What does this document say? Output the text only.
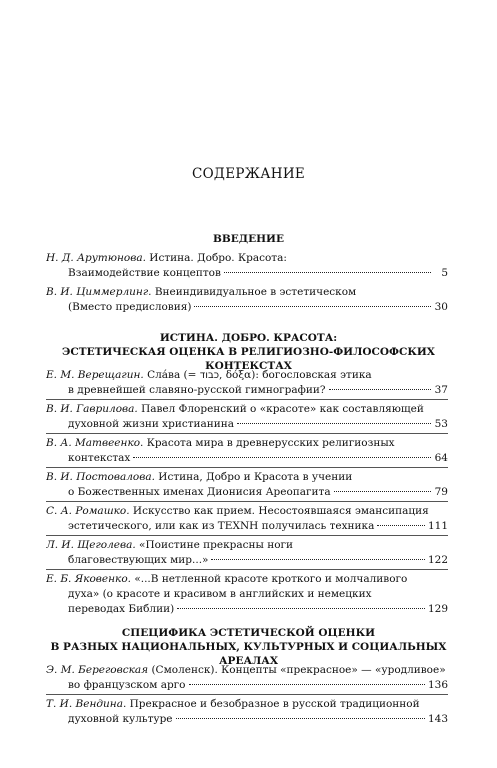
СОДЕРЖАНИЕ
ВВЕДЕНИЕ
Н. Д. Арутюнова. Истина. Добро. Красота:
Взаимодействие концептов	5
В. И. Циммерлинг. Внеиндивидуальное в эстетическом
(Вместо предисловия)	30
ИСТИНА. ДОБРО. КРАСОТА:
ЭСТЕТИЧЕСКАЯ ОЦЕНКА В РЕЛИГИОЗНО-ФИЛОСОФСКИХ КОНТЕКСТАХ
Е. М. Верещагин. Слáва (= כבוד, δόξα): богословская этика
в древнейшей славяно-русской гимнографии?	37
В. И. Гаврилова. Павел Флоренский о «красоте» как составляющей
духовной жизни христианина	53
В. А. Матвеенко. Красота мира в древнерусских религиозных
контекстах	64
В. И. Постовалова. Истина, Добро и Красота в учении
о Божественных именах Дионисия Ареопагита	79
С. А. Ромашко. Искусство как прием. Несостоявшаяся эмансипация
эстетического, или как из ТЕХΝΗ получилась техника	111
Л. И. Щеголева. «Поистине прекрасны ноги
благовествующих мир...»	122
Е. Б. Яковенко. «...В нетленной красоте кроткого и молчаливого
духа» (о красоте и красивом в английских и немецких
переводах Библии)	129
СПЕЦИФИКА ЭСТЕТИЧЕСКОЙ ОЦЕНКИ
В РАЗНЫХ НАЦИОНАЛЬНЫХ, КУЛЬТУРНЫХ И СОЦИАЛЬНЫХ АРЕАЛАХ
Э. М. Береговская (Смоленск). Концепты «прекрасное» — «уродливое»
во французском арго	136
Т. И. Вендина. Прекрасное и безобразное в русской традиционной
духовной культуре	143
